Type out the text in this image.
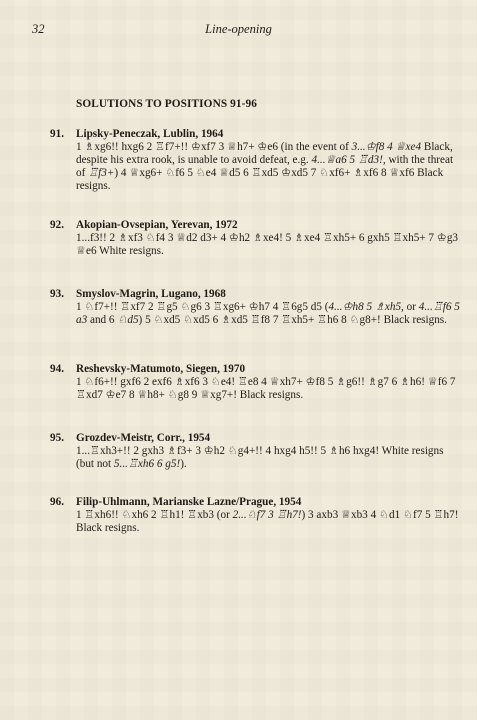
32	Line-opening
SOLUTIONS TO POSITIONS 91-96
91.	Lipsky-Peneczak, Lublin, 1964
1 ♗xg6!! hxg6 2 ♖f7+!! ♔xf7 3 ♕h7+ ♔e6 (in the event of 3...♔f8 4 ♕xe4 Black, despite his extra rook, is unable to avoid defeat, e.g. 4...♕a6 5 ♖d3!, with the threat of ♖f3+) 4 ♕xg6+ ♘f6 5 ♘e4 ♕d5 6 ♖xd5 ♔xd5 7 ♘xf6+ ♗xf6 8 ♕xf6 Black resigns.
92.	Akopian-Ovsepian, Yerevan, 1972
1...f3!! 2 ♗xf3 ♘f4 3 ♕d2 d3+ 4 ♔h2 ♗xe4! 5 ♗xe4 ♖xh5+ 6 gxh5 ♖xh5+ 7 ♔g3 ♕e6 White resigns.
93.	Smyslov-Magrin, Lugano, 1968
1 ♘f7+!! ♖xf7 2 ♖g5 ♘g6 3 ♖xg6+ ♔h7 4 ♖6g5 d5 (4...♔h8 5 ♗xh5, or 4...♖f6 5 a3 and 6 ♘d5) 5 ♘xd5 ♘xd5 6 ♗xd5 ♖f8 7 ♖xh5+ ♖h6 8 ♘g8+! Black resigns.
94.	Reshevsky-Matumoto, Siegen, 1970
1 ♘f6+!! gxf6 2 exf6 ♗xf6 3 ♘e4! ♖e8 4 ♕xh7+ ♔f8 5 ♗g6!! ♗g7 6 ♗h6! ♕f6 7 ♖xd7 ♔e7 8 ♕h8+ ♘g8 9 ♕xg7+! Black resigns.
95.	Grozdev-Meistr, Corr., 1954
1...♖xh3+!! 2 gxh3 ♗f3+ 3 ♔h2 ♘g4+!! 4 hxg4 h5!! 5 ♗h6 hxg4! White resigns (but not 5...♖xh6 6 g5!).
96.	Filip-Uhlmann, Marianske Lazne/Prague, 1954
1 ♖xh6!! ♘xh6 2 ♖h1! ♖xb3 (or 2...♘f7 3 ♖h7!) 3 axb3 ♕xb3 4 ♘d1 ♘f7 5 ♖h7! Black resigns.
